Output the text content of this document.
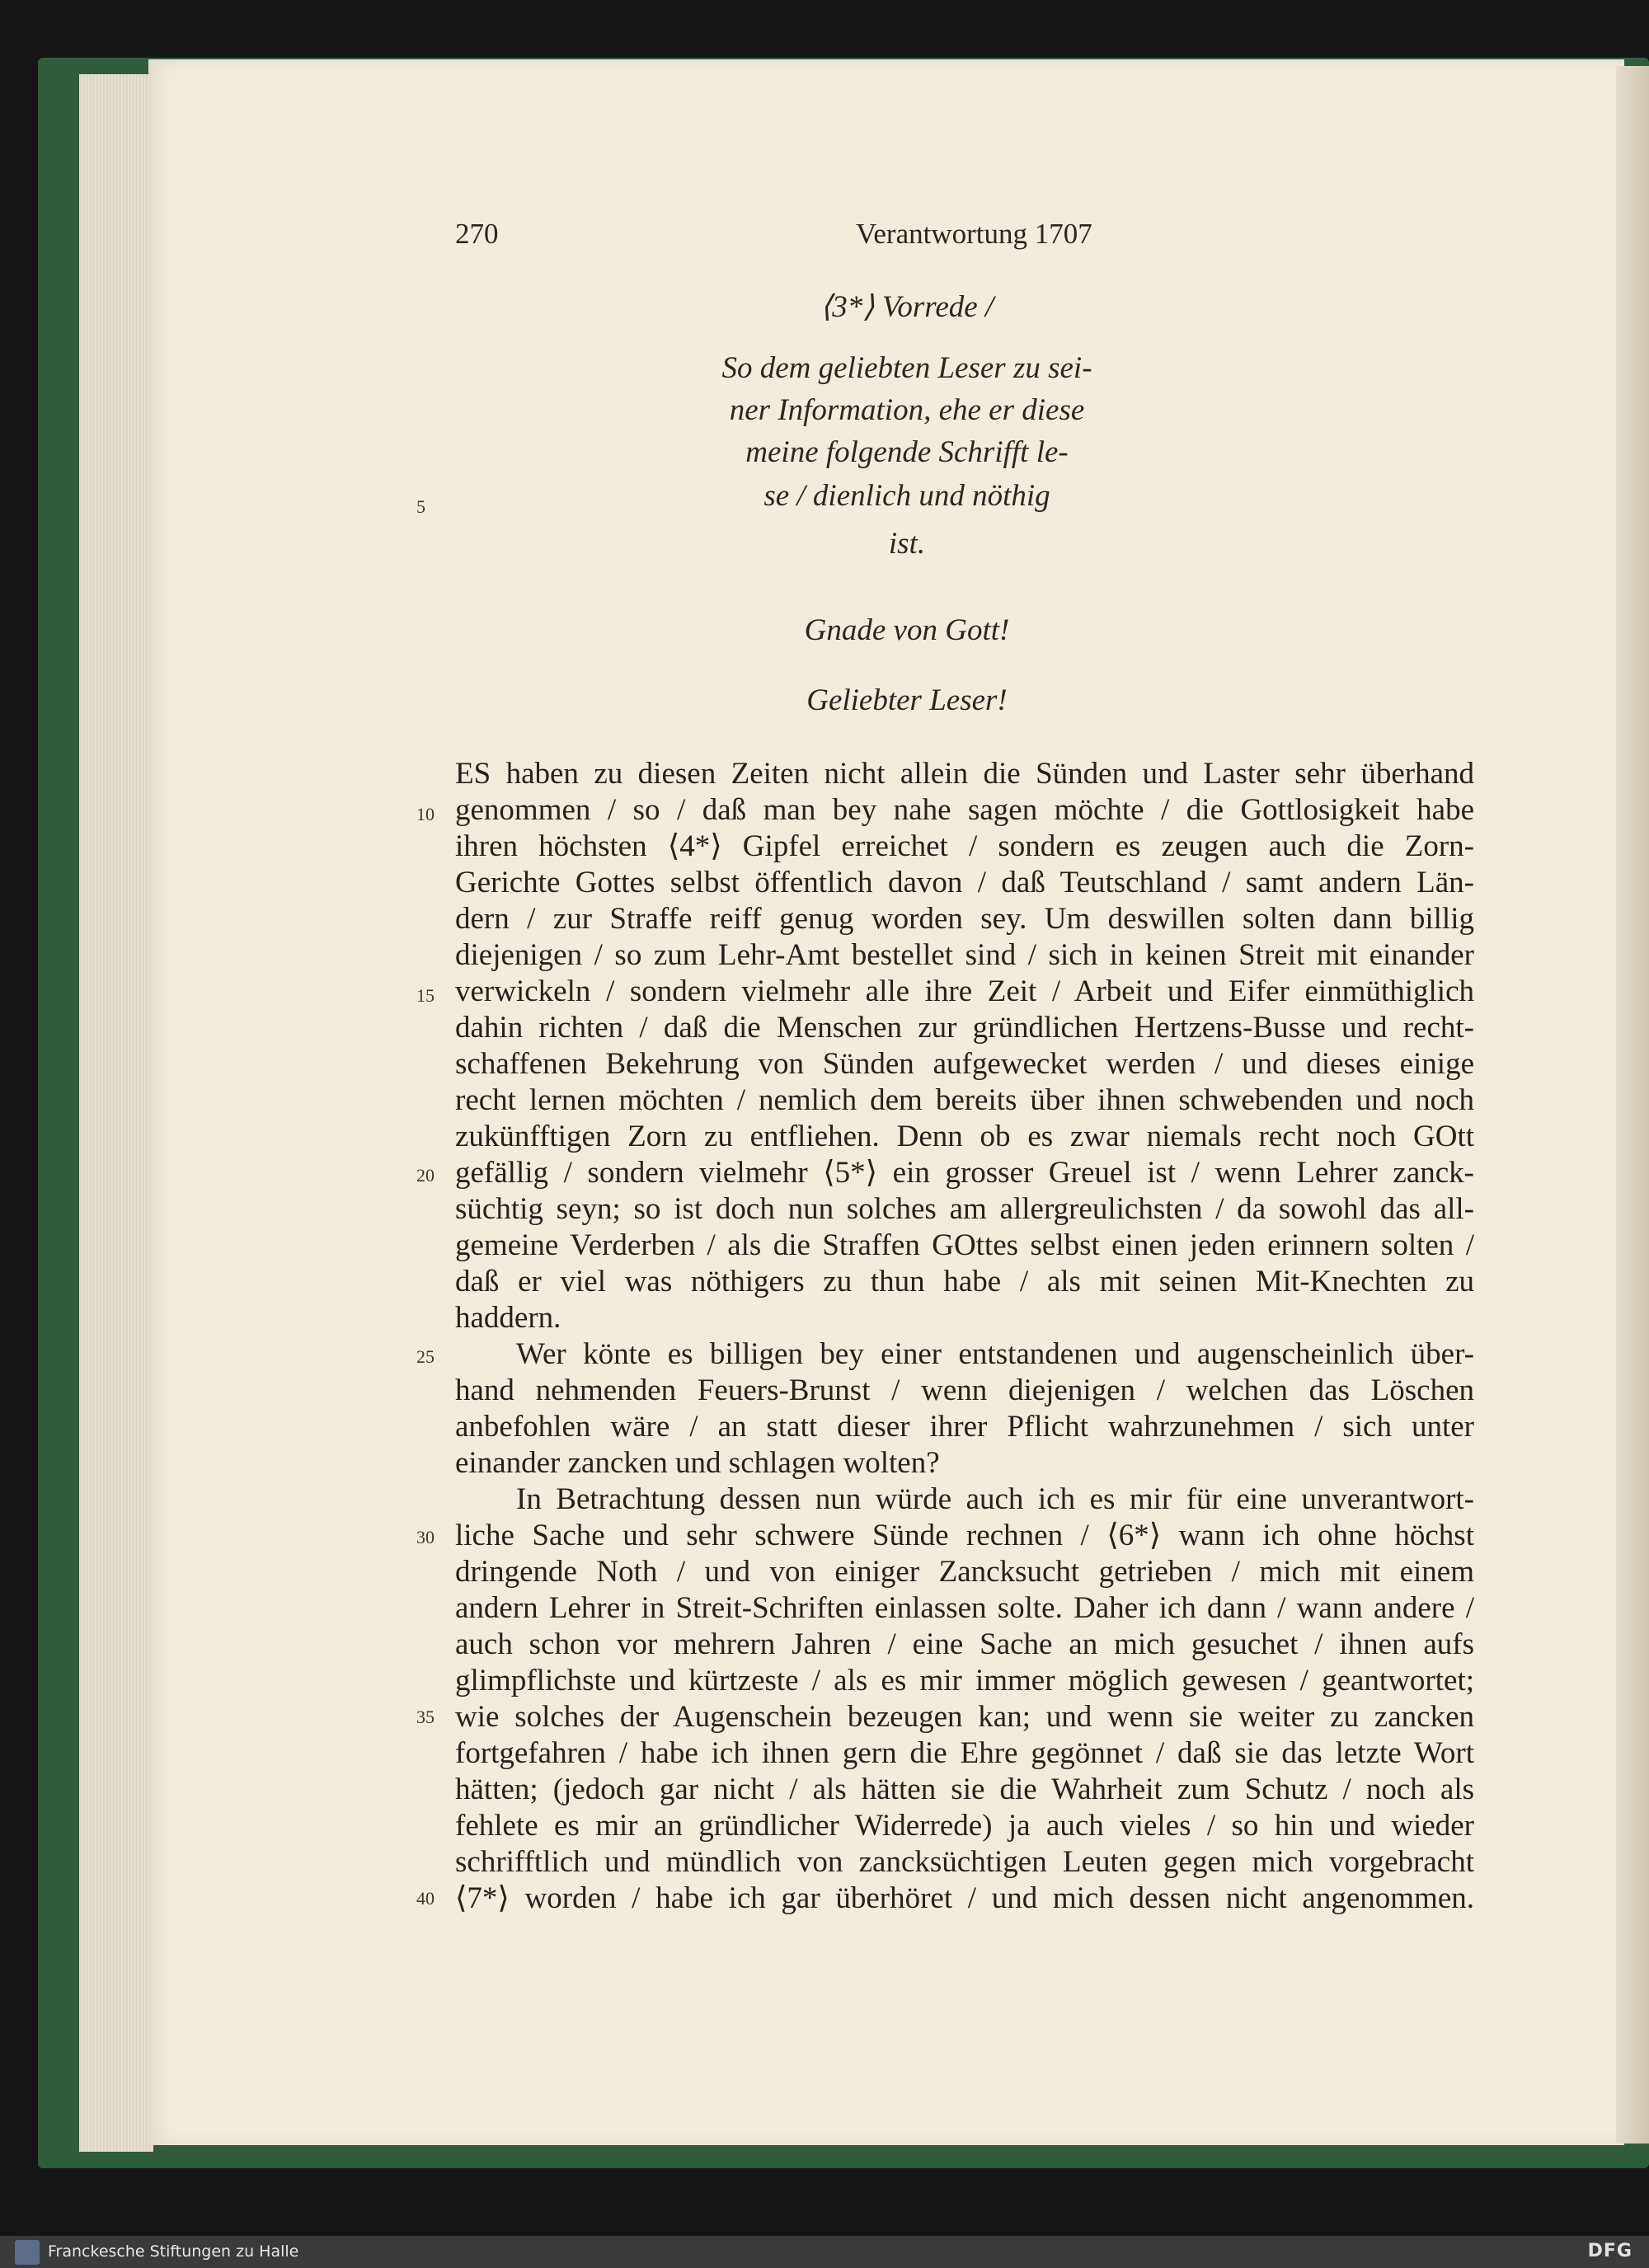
270	Verantwortung 1707
⟨3*⟩ Vorrede /
So dem geliebten Leser zu sei-
ner Information, ehe er diese
meine folgende Schrifft le-
se / dienlich und nöthig
ist.
Gnade von Gott!
Geliebter Leser!
5
10
15
20
25
30
35
40
ES haben zu diesen Zeiten nicht allein die Sünden und Laster sehr überhand
genommen / so / daß man bey nahe sagen möchte / die Gottlosigkeit habe
ihren höchsten ⟨4*⟩ Gipfel erreichet / sondern es zeugen auch die Zorn-
Gerichte Gottes selbst öffentlich davon / daß Teutschland / samt andern Län-
dern / zur Straffe reiff genug worden sey. Um deswillen solten dann billig
diejenigen / so zum Lehr-Amt bestellet sind / sich in keinen Streit mit einander
verwickeln / sondern vielmehr alle ihre Zeit / Arbeit und Eifer einmüthiglich
dahin richten / daß die Menschen zur gründlichen Hertzens-Busse und recht-
schaffenen Bekehrung von Sünden aufgewecket werden / und dieses einige
recht lernen möchten / nemlich dem bereits über ihnen schwebenden und noch
zukünfftigen Zorn zu entfliehen. Denn ob es zwar niemals recht noch GOtt
gefällig / sondern vielmehr ⟨5*⟩ ein grosser Greuel ist / wenn Lehrer zanck-
süchtig seyn; so ist doch nun solches am allergreulichsten / da sowohl das all-
gemeine Verderben / als die Straffen GOttes selbst einen jeden erinnern solten /
daß er viel was nöthigers zu thun habe / als mit seinen Mit-Knechten zu
haddern.
Wer könte es billigen bey einer entstandenen und augenscheinlich über-
hand nehmenden Feuers-Brunst / wenn diejenigen / welchen das Löschen
anbefohlen wäre / an statt dieser ihrer Pflicht wahrzunehmen / sich unter
einander zancken und schlagen wolten?
In Betrachtung dessen nun würde auch ich es mir für eine unverantwort-
liche Sache und sehr schwere Sünde rechnen / ⟨6*⟩ wann ich ohne höchst
dringende Noth / und von einiger Zancksucht getrieben / mich mit einem
andern Lehrer in Streit-Schriften einlassen solte. Daher ich dann / wann andere /
auch schon vor mehrern Jahren / eine Sache an mich gesuchet / ihnen aufs
glimpflichste und kürtzeste / als es mir immer möglich gewesen / geantwortet;
wie solches der Augenschein bezeugen kan; und wenn sie weiter zu zancken
fortgefahren / habe ich ihnen gern die Ehre gegönnet / daß sie das letzte Wort
hätten; (jedoch gar nicht / als hätten sie die Wahrheit zum Schutz / noch als
fehlete es mir an gründlicher Widerrede) ja auch vieles / so hin und wieder
schrifftlich und mündlich von zancksüchtigen Leuten gegen mich vorgebracht
⟨7*⟩ worden / habe ich gar überhöret / und mich dessen nicht angenommen.
Franckesche Stiftungen zu Halle	DFG
